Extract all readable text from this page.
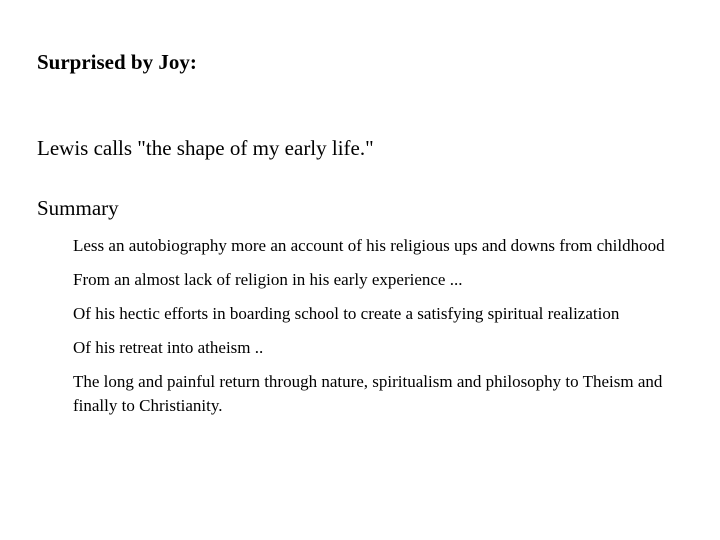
Surprised by Joy:
Lewis calls "the shape of my early life."
Summary
Less an autobiography more an account of his religious ups and downs from childhood
From an almost lack of religion in his early experience ...
Of his hectic efforts in boarding school to create a satisfying spiritual realization
Of his retreat into atheism ..
The long and painful return through nature, spiritualism and philosophy to Theism and finally to Christianity.
